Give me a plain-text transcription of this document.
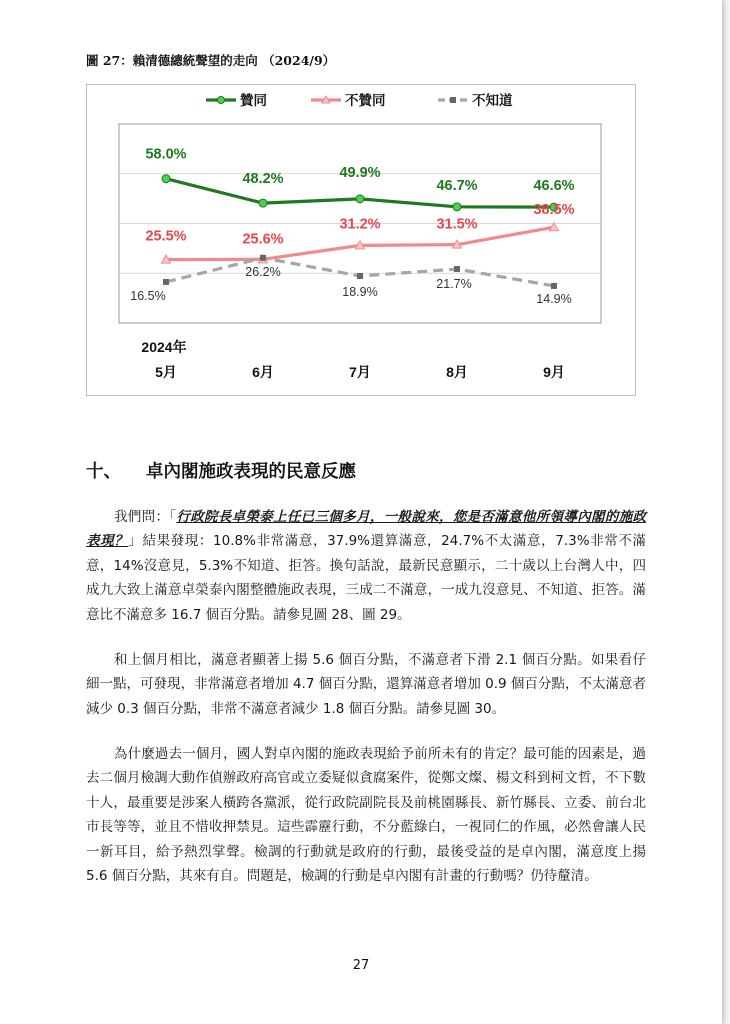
圖 27：賴清德總統聲望的走向 （2024/9）
贊同	不贊同	不知道
58.0%
48.2%	49.9%
46.7%	46.6%
25.5%	25.6%
31.2%	31.5%
38.5%
16.5%
26.2%
18.9%
21.7%
14.9%
2024年
5月	6月	7月	8月	9月
十、 卓內閣施政表現的民意反應
我們問：「行政院長卓榮泰上任已三個多月，一般說來，您是否滿意他所領導內閣的施政表現？」結果發現：10.8%非常滿意，37.9%還算滿意，24.7%不太滿意，7.3%非常不滿意，14%沒意見，5.3%不知道、拒答。換句話說，最新民意顯示，二十歲以上台灣人中，四成九大致上滿意卓榮泰內閣整體施政表現，三成二不滿意，一成九沒意見、不知道、拒答。滿意比不滿意多 16.7 個百分點。請參見圖 28、圖 29。
和上個月相比，滿意者顯著上揚 5.6 個百分點，不滿意者下滑 2.1 個百分點。如果看仔細一點，可發現，非常滿意者增加 4.7 個百分點，還算滿意者增加 0.9 個百分點，不太滿意者減少 0.3 個百分點，非常不滿意者減少 1.8 個百分點。請參見圖 30。
為什麼過去一個月，國人對卓內閣的施政表現給予前所未有的肯定？最可能的因素是，過去二個月檢調大動作偵辦政府高官或立委疑似貪腐案件，從鄭文燦、楊文科到柯文哲，不下數十人，最重要是涉案人橫跨各黨派，從行政院副院長及前桃園縣長、新竹縣長、立委、前台北市長等等，並且不惜收押禁見。這些霹靂行動，不分藍綠白，一視同仁的作風，必然會讓人民一新耳目，給予熱烈掌聲。檢調的行動就是政府的行動，最後受益的是卓內閣，滿意度上揚 5.6 個百分點，其來有自。問題是，檢調的行動是卓內閣有計畫的行動嗎？仍待釐清。
27
